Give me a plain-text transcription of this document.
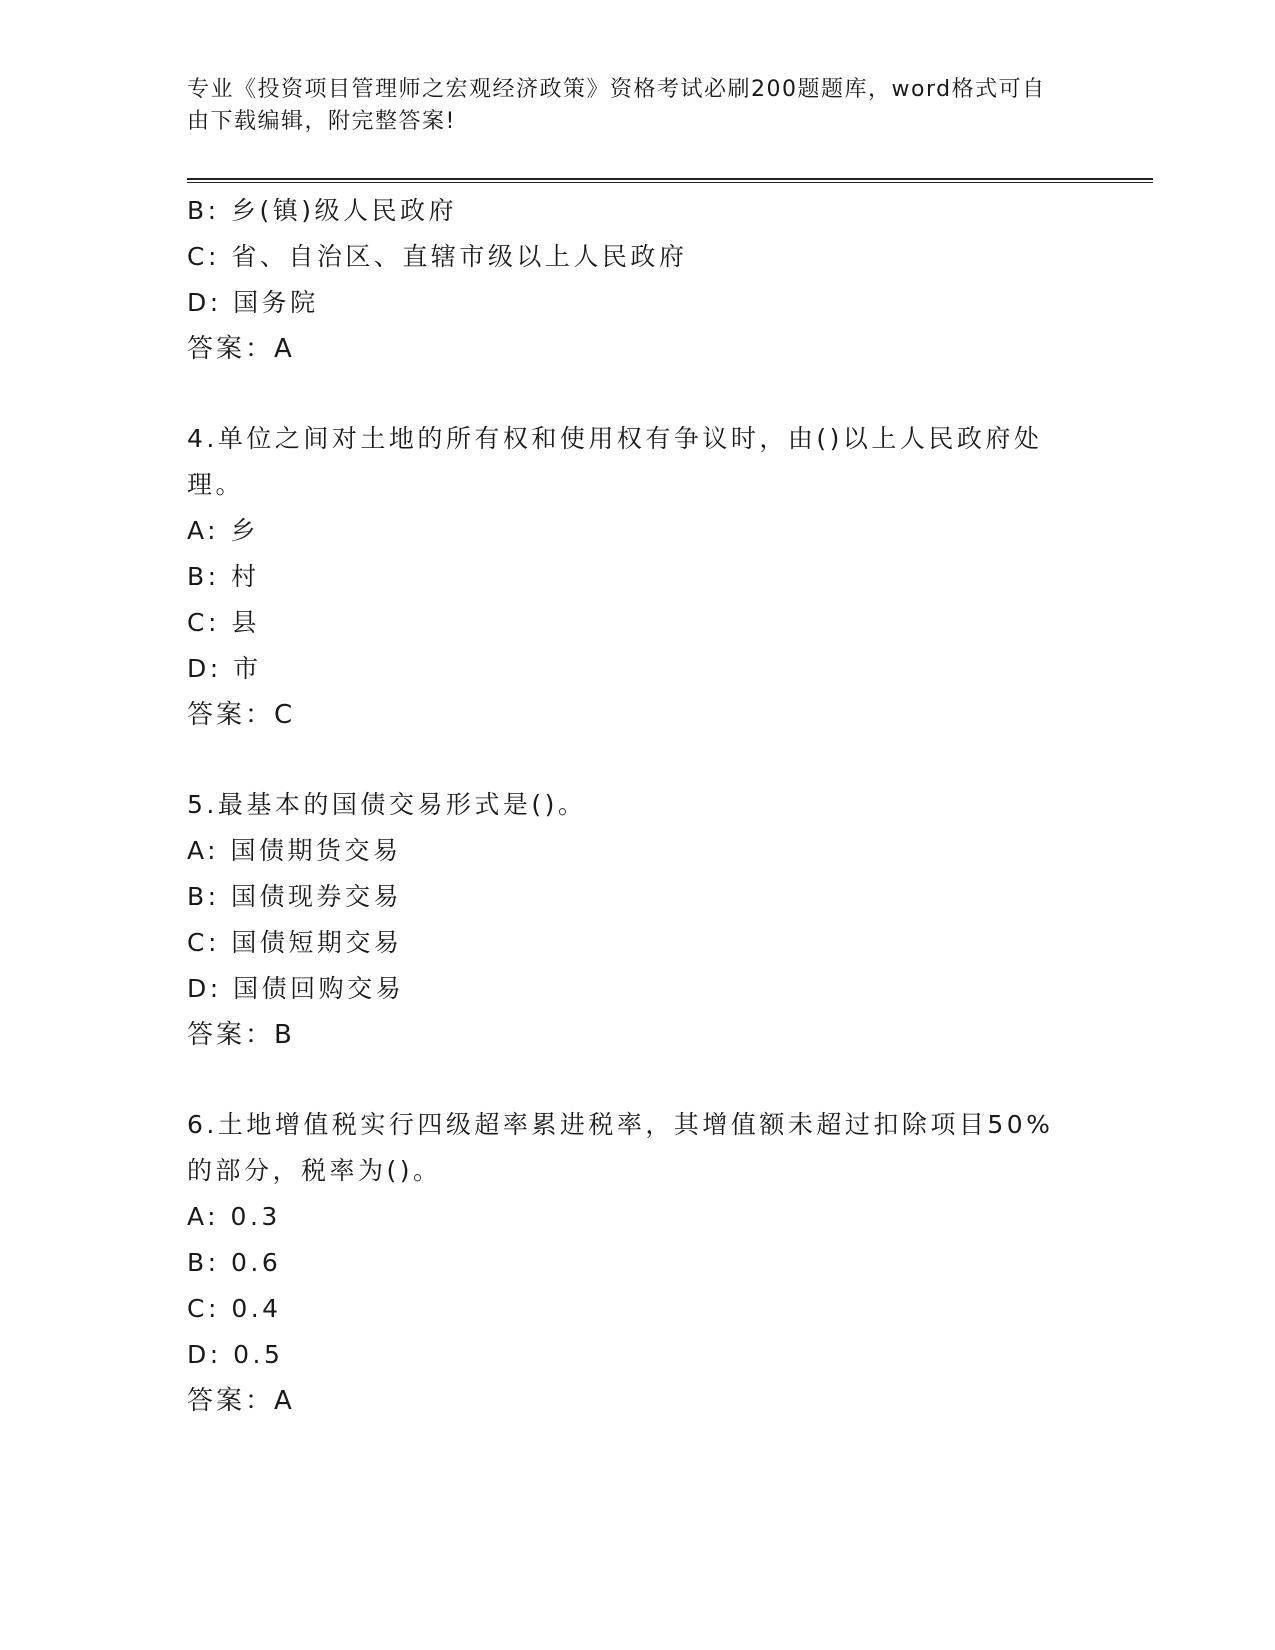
专业《投资项目管理师之宏观经济政策》资格考试必刷200题题库，word格式可自由下载编辑，附完整答案!
B: 乡(镇)级人民政府
C: 省、自治区、直辖市级以上人民政府
D: 国务院
答案：A
4.单位之间对土地的所有权和使用权有争议时，由()以上人民政府处理。
A: 乡
B: 村
C: 县
D: 市
答案：C
5.最基本的国债交易形式是()。
A: 国债期货交易
B: 国债现券交易
C: 国债短期交易
D: 国债回购交易
答案：B
6.土地增值税实行四级超率累进税率，其增值额未超过扣除项目50%的部分，税率为()。
A: 0.3
B: 0.6
C: 0.4
D: 0.5
答案：A
